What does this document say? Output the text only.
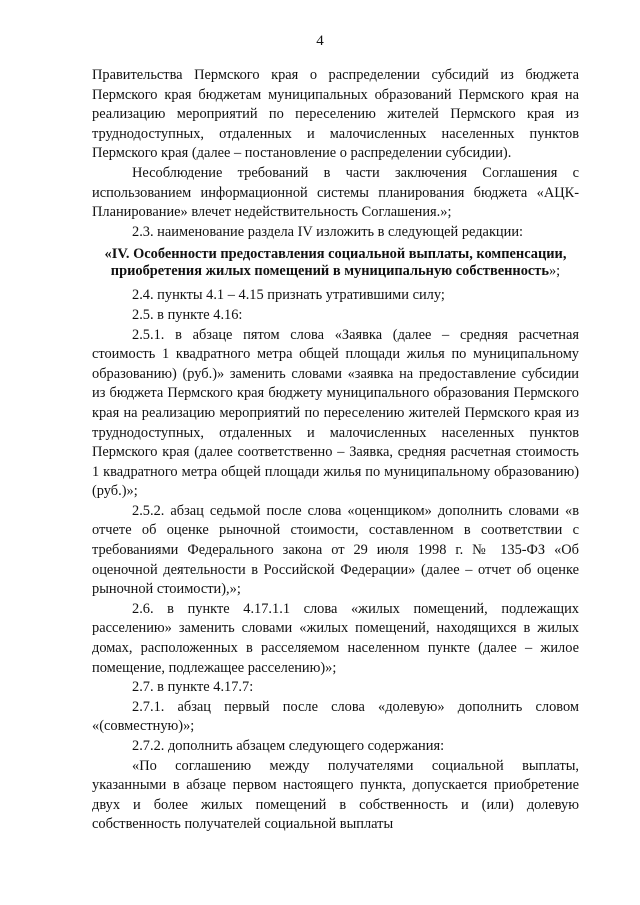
4

Правительства Пермского края о распределении субсидий из бюджета Пермского края бюджетам муниципальных образований Пермского края на реализацию мероприятий по переселению жителей Пермского края из труднодоступных, отдаленных и малочисленных населенных пунктов Пермского края (далее – постановление о распределении субсидии).

Несоблюдение требований в части заключения Соглашения с использованием информационной системы планирования бюджета «АЦК-Планирование» влечет недействительность Соглашения.»;

2.3. наименование раздела IV изложить в следующей редакции:

«IV. Особенности предоставления социальной выплаты, компенсации, приобретения жилых помещений в муниципальную собственность»;

2.4. пункты 4.1 – 4.15 признать утратившими силу;

2.5. в пункте 4.16:

2.5.1. в абзаце пятом слова «Заявка (далее – средняя расчетная стоимость 1 квадратного метра общей площади жилья по муниципальному образованию) (руб.)» заменить словами «заявка на предоставление субсидии из бюджета Пермского края бюджету муниципального образования Пермского края на реализацию мероприятий по переселению жителей Пермского края из труднодоступных, отдаленных и малочисленных населенных пунктов Пермского края (далее соответственно – Заявка, средняя расчетная стоимость 1 квадратного метра общей площади жилья по муниципальному образованию) (руб.)»;

2.5.2. абзац седьмой после слова «оценщиком» дополнить словами «в отчете об оценке рыночной стоимости, составленном в соответствии с требованиями Федерального закона от 29 июля 1998 г. № 135-ФЗ «Об оценочной деятельности в Российской Федерации» (далее – отчет об оценке рыночной стоимости),»;

2.6. в пункте 4.17.1.1 слова «жилых помещений, подлежащих расселению» заменить словами «жилых помещений, находящихся в жилых домах, расположенных в расселяемом населенном пункте (далее – жилое помещение, подлежащее расселению)»;

2.7. в пункте 4.17.7:

2.7.1. абзац первый после слова «долевую» дополнить словом «(совместную)»;

2.7.2. дополнить абзацем следующего содержания:

«По соглашению между получателями социальной выплаты, указанными в абзаце первом настоящего пункта, допускается приобретение двух и более жилых помещений в собственность и (или) долевую собственность получателей социальной выплаты
